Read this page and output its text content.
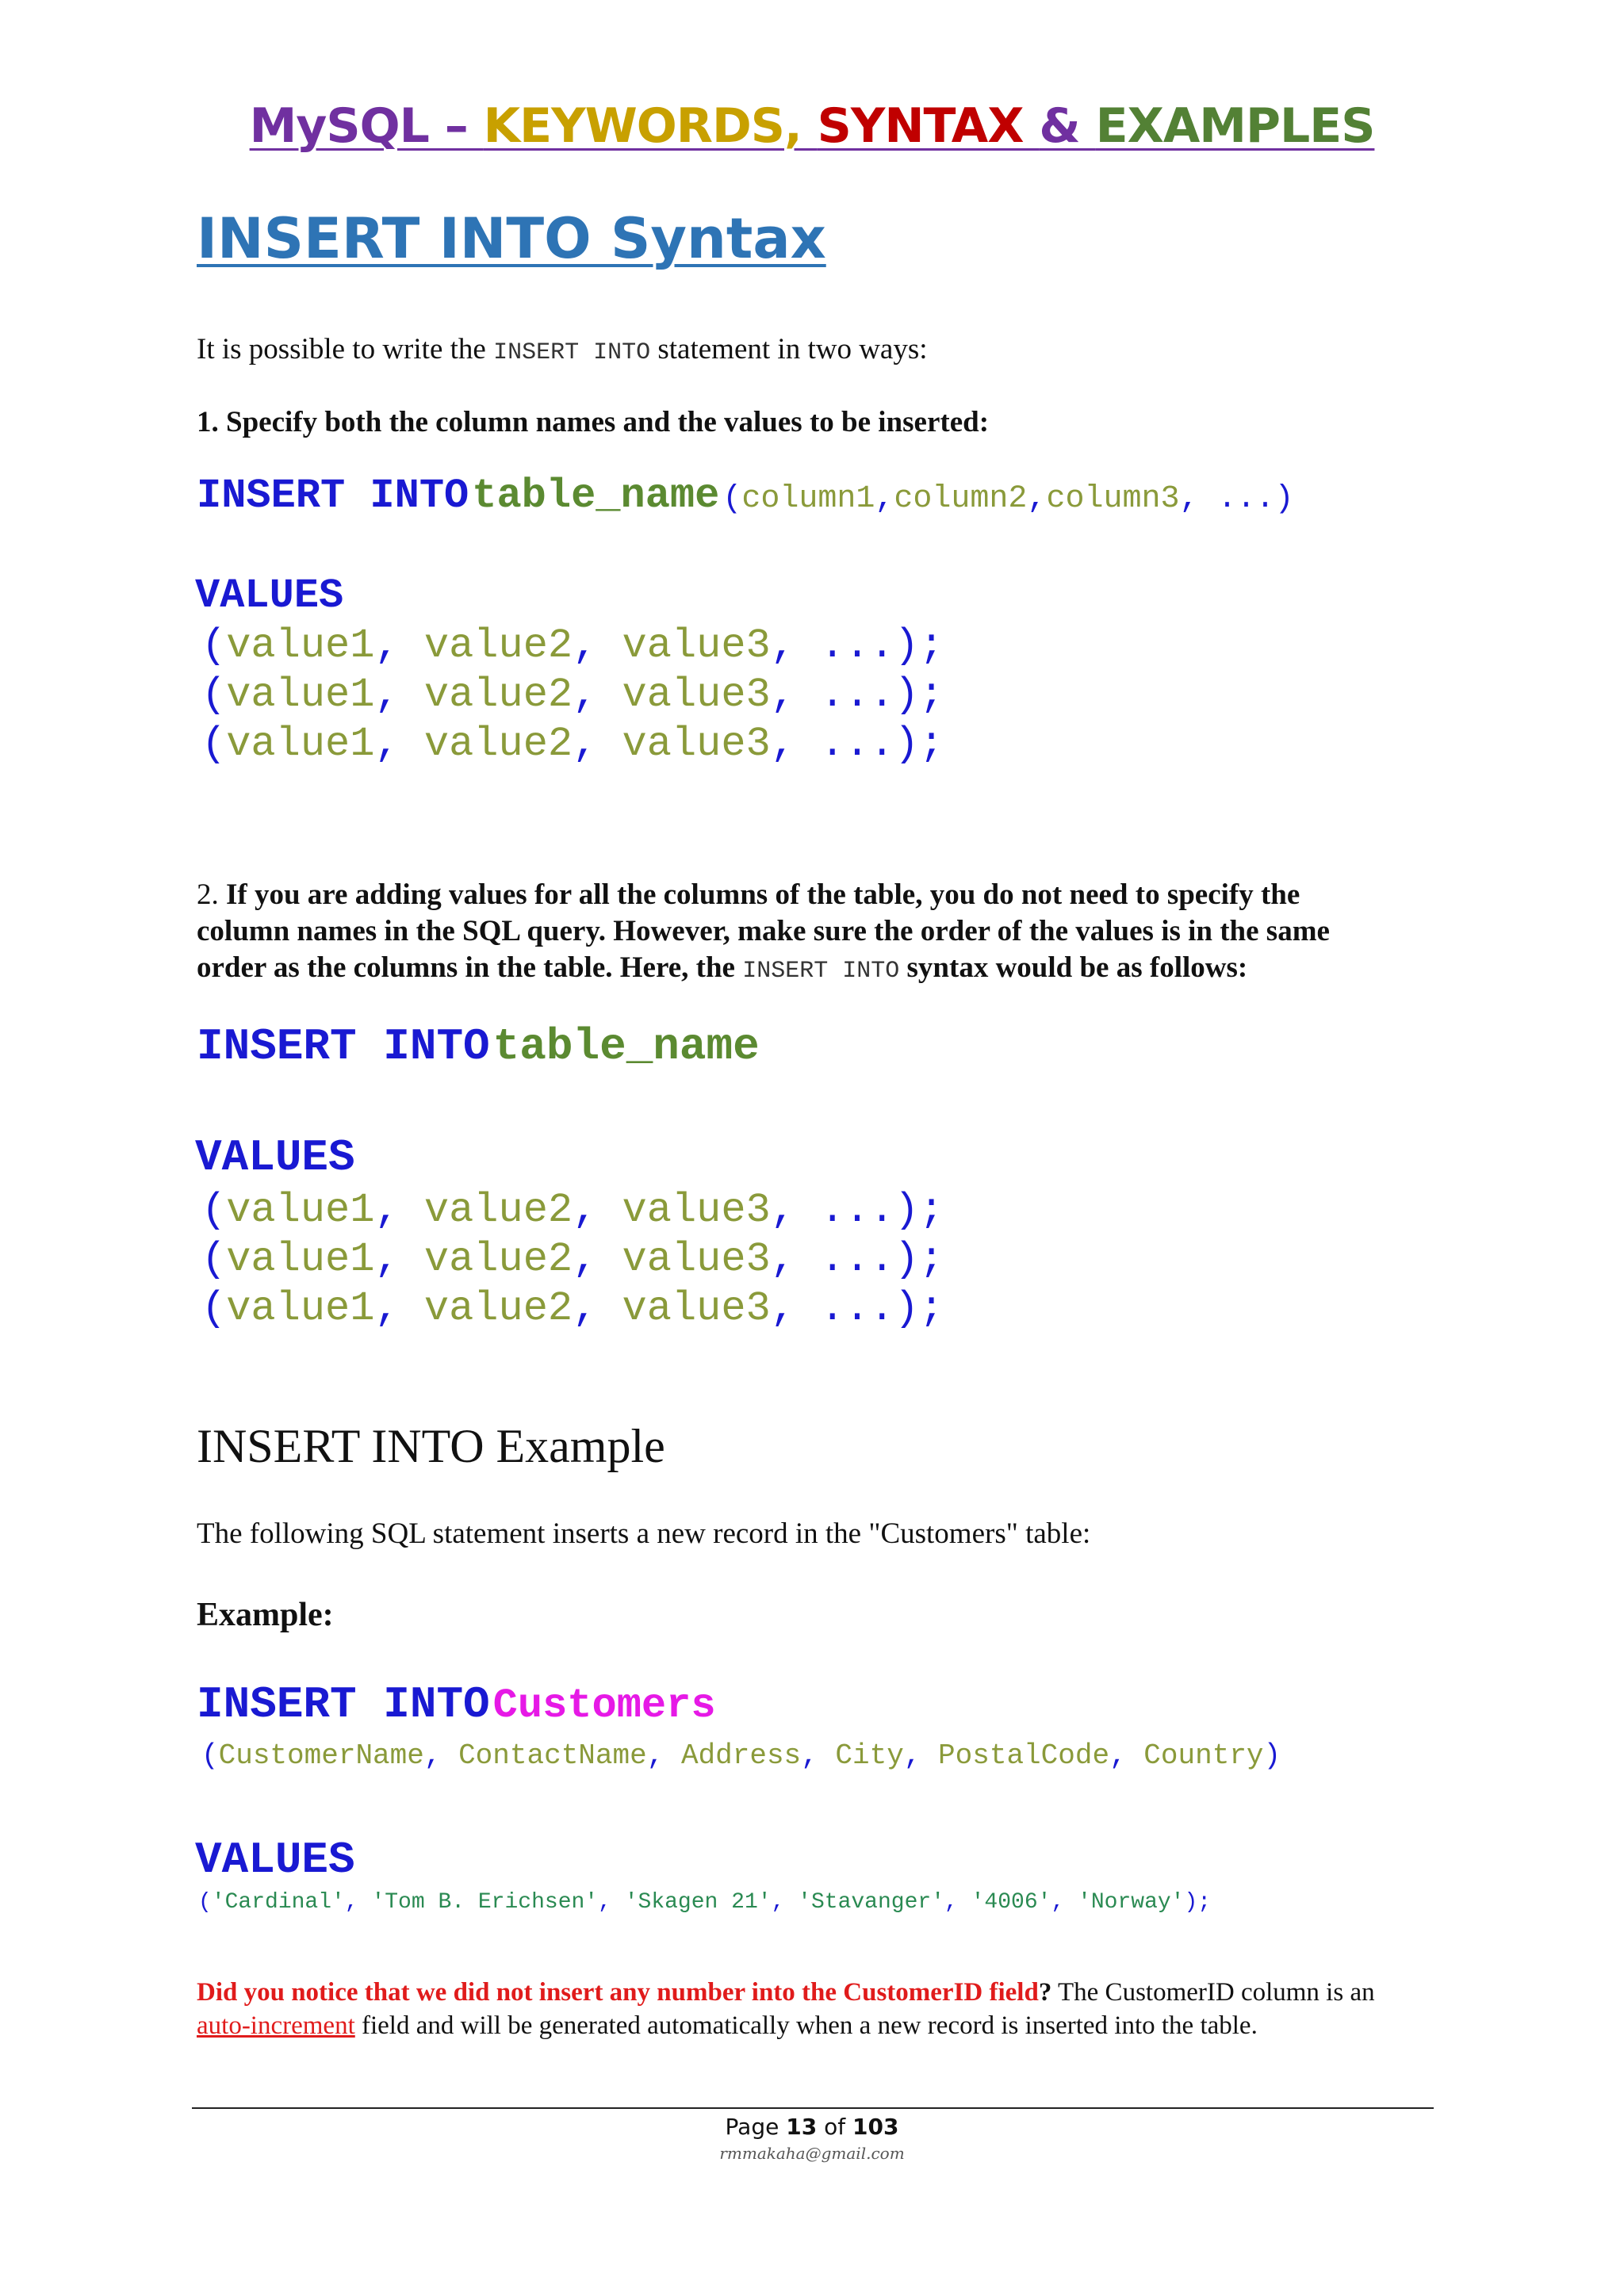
MySQL – KEYWORDS, SYNTAX & EXAMPLES
INSERT INTO Syntax
It is possible to write the INSERT INTO statement in two ways:
1. Specify both the column names and the values to be inserted:
INSERT INTO table_name (column1,column2,column3, ...)
VALUES
(value1, value2, value3, ...);
(value1, value2, value3, ...);
(value1, value2, value3, ...);
2. If you are adding values for all the columns of the table, you do not need to specify the
column names in the SQL query. However, make sure the order of the values is in the same
order as the columns in the table. Here, the INSERT INTO syntax would be as follows:
INSERT INTO table_name
VALUES
(value1, value2, value3, ...);
(value1, value2, value3, ...);
(value1, value2, value3, ...);
INSERT INTO Example
The following SQL statement inserts a new record in the "Customers" table:
Example:
INSERT INTO Customers
(CustomerName, ContactName, Address, City, PostalCode, Country)
VALUES
('Cardinal', 'Tom B. Erichsen', 'Skagen 21', 'Stavanger', '4006', 'Norway');
Did you notice that we did not insert any number into the CustomerID field? The CustomerID column is an
auto-increment field and will be generated automatically when a new record is inserted into the table.
Page 13 of 103
rmmakaha@gmail.com
